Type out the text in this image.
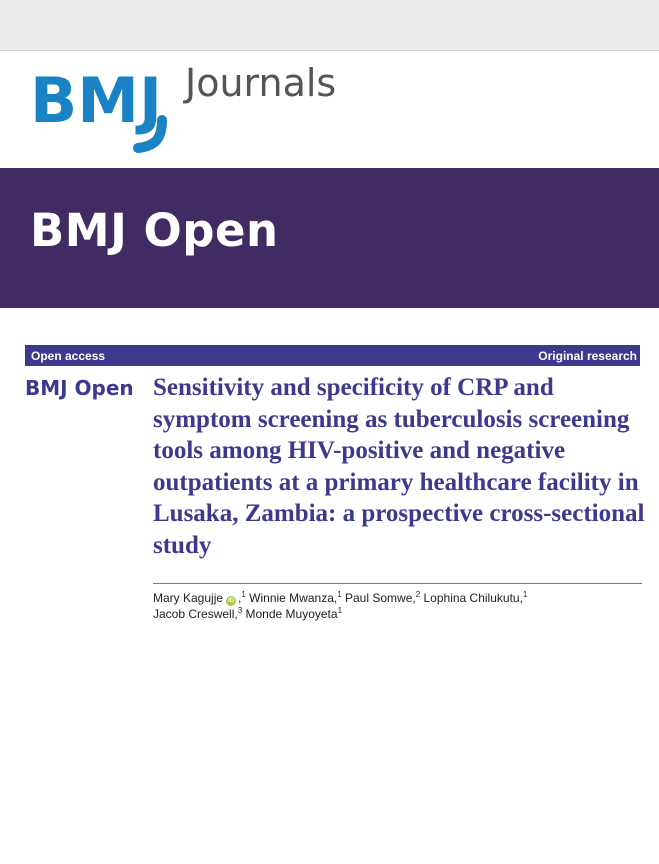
BMJ Journals
BMJ Open
Open access	Original research
BMJ Open Sensitivity and specificity of CRP and symptom screening as tuberculosis screening tools among HIV-positive and negative outpatients at a primary healthcare facility in Lusaka, Zambia: a prospective cross-sectional study
Mary Kagujje iD ,$^1$ Winnie Mwanza,$^1$ Paul Somwe,$^2$ Lophina Chilukutu,$^1$
Jacob Creswell,$^3$ Monde Muyoyeta$^1$
